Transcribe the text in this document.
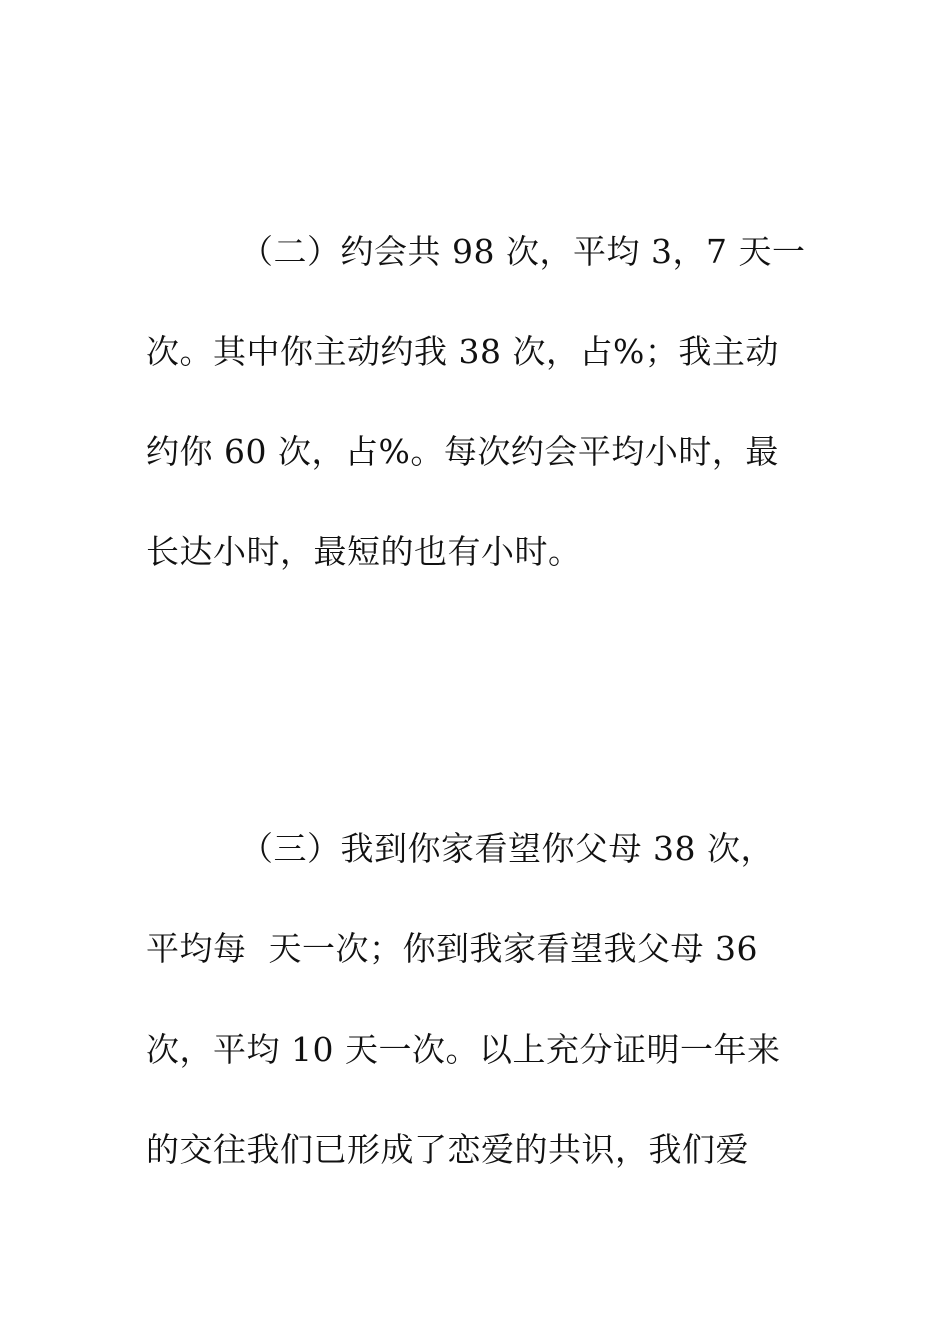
（二）约会共 98 次，平均 3，7 天一
次。其中你主动约我 38 次，占%；我主动
约你 60 次，占%。每次约会平均小时，最
长达小时，最短的也有小时。
（三）我到你家看望你父母 38 次，
平均每  天一次；你到我家看望我父母 36
次，平均 10 天一次。以上充分证明一年来
的交往我们已形成了恋爱的共识，我们爱
